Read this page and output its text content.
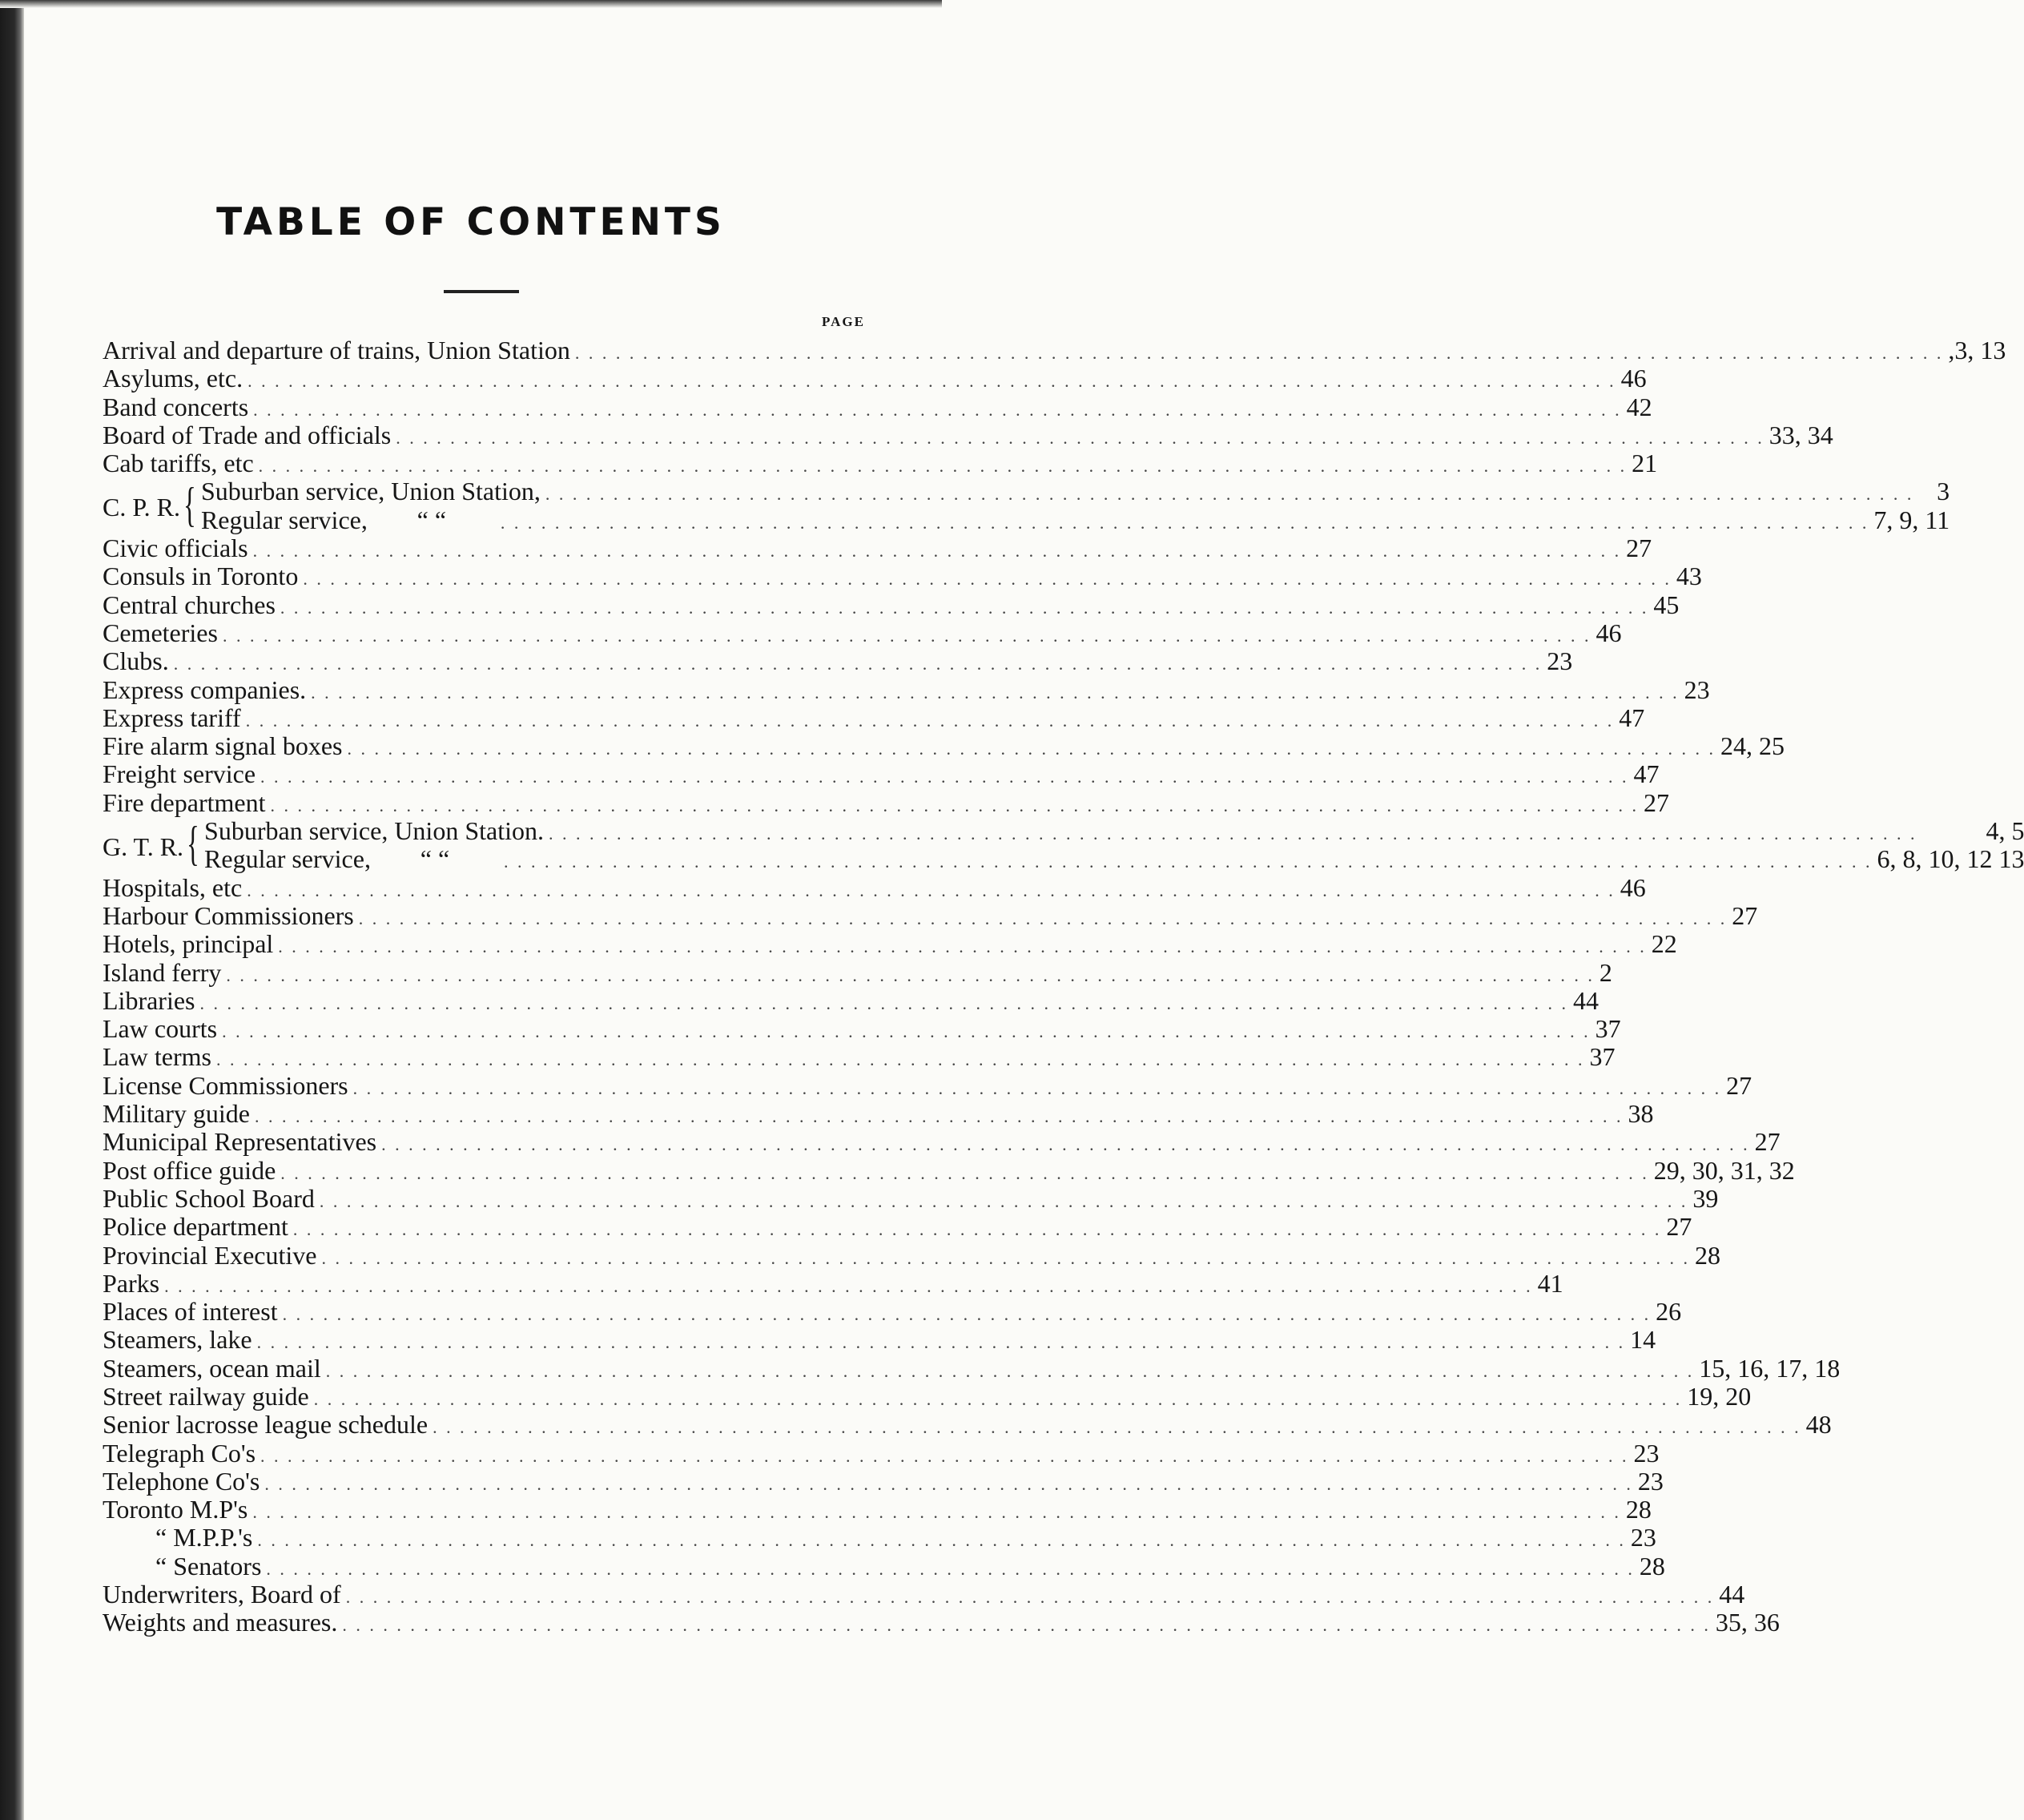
TABLE OF CONTENTS
PAGE
Arrival and departure of trains, Union Station . . .	,3, 13
Asylums, etc. . . .	46
Band concerts . . .	42
Board of Trade and officials . . .	33, 34
Cab tariffs, etc . . .	21
C. P. R. { Suburban service, Union Station, . . .	3
Regular service,	“ “ . . .	7, 9, 11
Civic officials . . .	27
Consuls in Toronto . . .	43
Central churches . . .	45
Cemeteries . . .	46
Clubs. . . .	23
Express companies. . . .	23
Express tariff . . .	47
Fire alarm signal boxes . . .	24, 25
Freight service . . .	47
Fire department . . .	27
G. T. R. { Suburban service, Union Station. . . .	4, 5
Regular service,	“ “ . . .	6, 8, 10, 12 13
Hospitals, etc . . .	46
Harbour Commissioners . . .	27
Hotels, principal . . .	22
Island ferry . . .	2
Libraries . . .	44
Law courts . . .	37
Law terms . . .	37
License Commissioners . . .	27
Military guide . . .	38
Municipal Representatives . . .	27
Post office guide . . .	29, 30, 31, 32
Public School Board . . .	39
Police department . . .	27
Provincial Executive . . .	28
Parks . . .	41
Places of interest . . .	26
Steamers, lake . . .	14
Steamers, ocean mail . . .	15, 16, 17, 18
Street railway guide . . .	19, 20
Senior lacrosse league schedule . . .	48
Telegraph Co's . . .	23
Telephone Co's . . .	23
Toronto M.P's . . .	28
“ M.P.P.'s . . .	23
“ Senators . . .	28
Underwriters, Board of . . .	44
Weights and measures. . . .	35, 36
